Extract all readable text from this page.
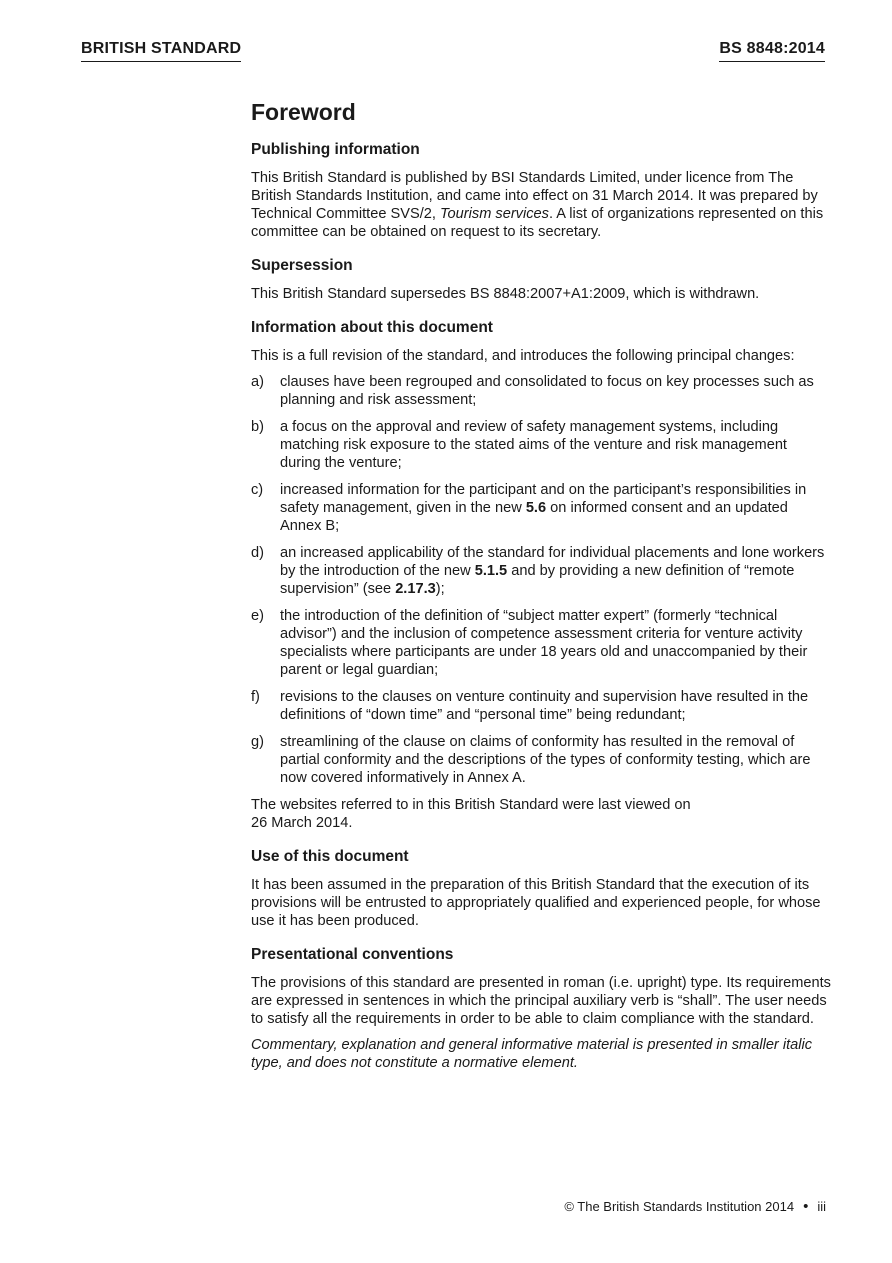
BRITISH STANDARD	BS 8848:2014
Foreword
Publishing information

This British Standard is published by BSI Standards Limited, under licence from The British Standards Institution, and came into effect on 31 March 2014. It was prepared by Technical Committee SVS/2, Tourism services. A list of organizations represented on this committee can be obtained on request to its secretary.

Supersession

This British Standard supersedes BS 8848:2007+A1:2009, which is withdrawn.

Information about this document

This is a full revision of the standard, and introduces the following principal changes:

a)	clauses have been regrouped and consolidated to focus on key processes such as planning and risk assessment;
b)	a focus on the approval and review of safety management systems, including matching risk exposure to the stated aims of the venture and risk management during the venture;
c)	increased information for the participant and on the participant’s responsibilities in safety management, given in the new 5.6 on informed consent and an updated Annex B;
d)	an increased applicability of the standard for individual placements and lone workers by the introduction of the new 5.1.5 and by providing a new definition of “remote supervision” (see 2.17.3);
e)	the introduction of the definition of “subject matter expert” (formerly “technical advisor”) and the inclusion of competence assessment criteria for venture activity specialists where participants are under 18 years old and unaccompanied by their parent or legal guardian;
f)	revisions to the clauses on venture continuity and supervision have resulted in the definitions of “down time” and “personal time” being redundant;
g)	streamlining of the clause on claims of conformity has resulted in the removal of partial conformity and the descriptions of the types of conformity testing, which are now covered informatively in Annex A.

The websites referred to in this British Standard were last viewed on
26 March 2014.

Use of this document

It has been assumed in the preparation of this British Standard that the execution of its provisions will be entrusted to appropriately qualified and experienced people, for whose use it has been produced.

Presentational conventions

The provisions of this standard are presented in roman (i.e. upright) type. Its requirements are expressed in sentences in which the principal auxiliary verb is “shall”. The user needs to satisfy all the requirements in order to be able to claim compliance with the standard.

Commentary, explanation and general informative material is presented in smaller italic type, and does not constitute a normative element.

© The British Standards Institution 2014 • iii
